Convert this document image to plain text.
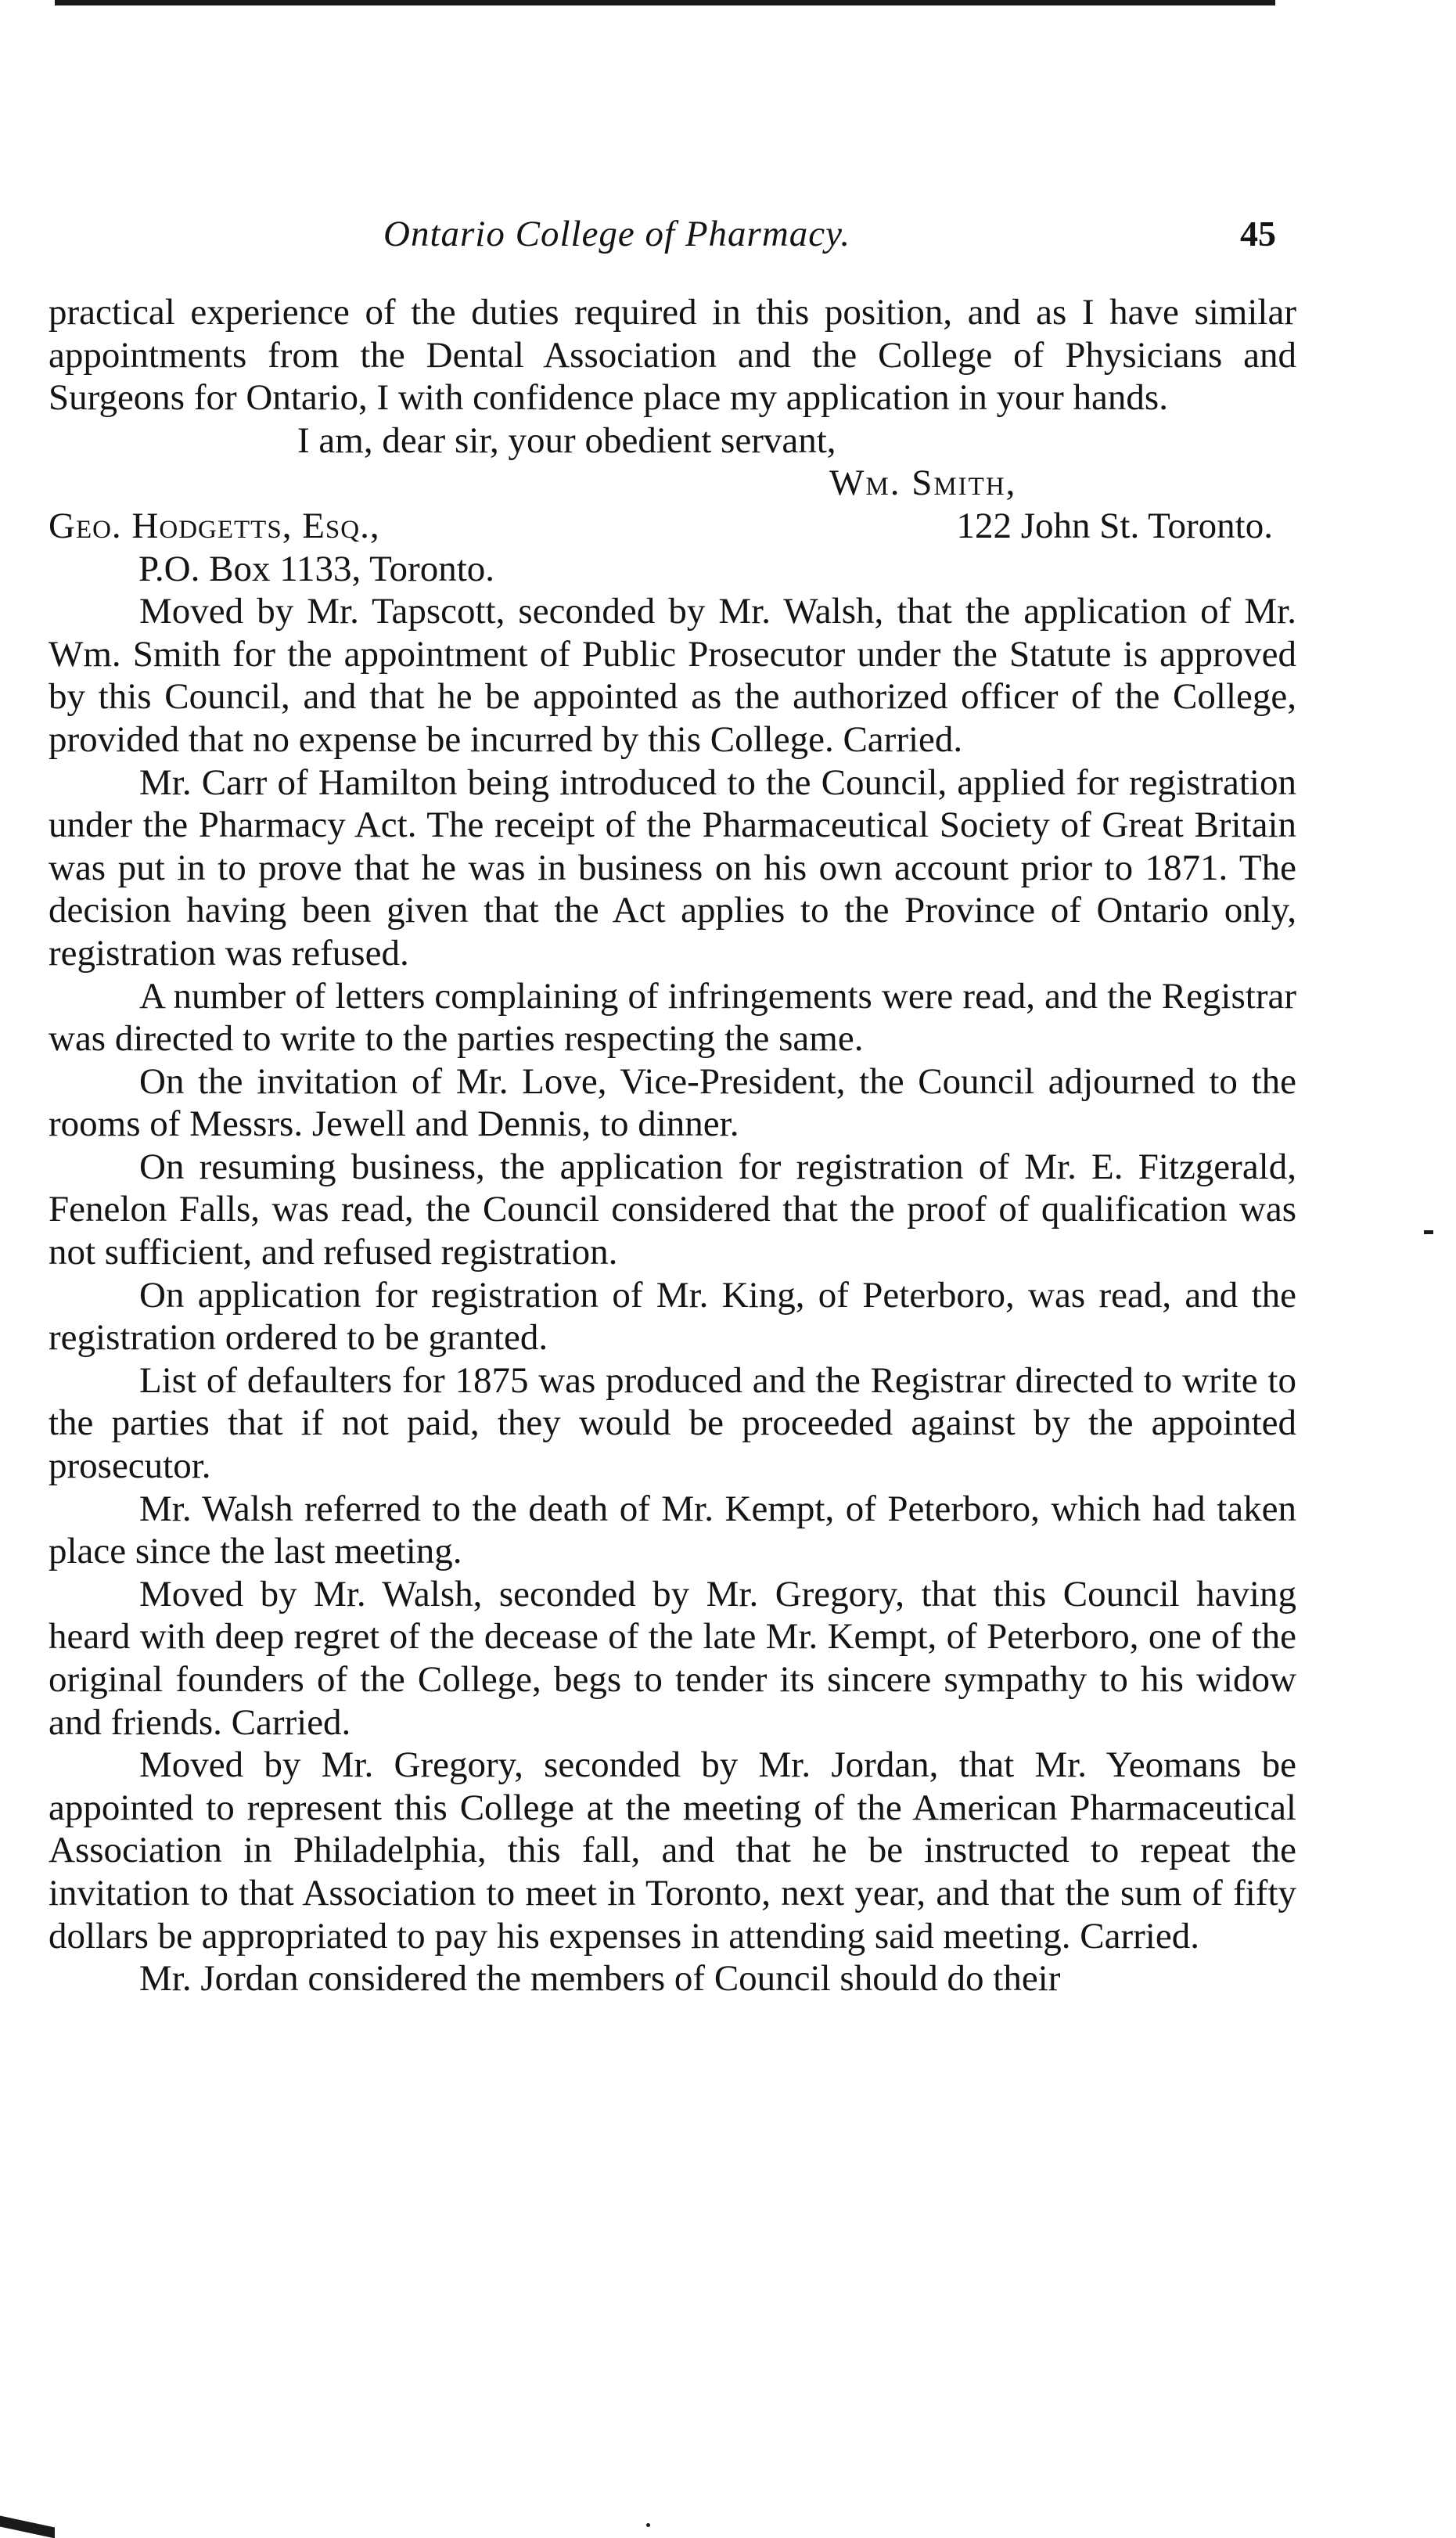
Ontario College of Pharmacy.	45

practical experience of the duties required in this position, and as I have similar appointments from the Dental Association and the College of Physicians and Surgeons for Ontario, I with confidence place my application in your hands.

I am, dear sir, your obedient servant,

Wm. Smith,

Geo. Hodgetts, Esq.,	122 John St. Toronto.

P.O. Box 1133, Toronto.

Moved by Mr. Tapscott, seconded by Mr. Walsh, that the application of Mr. Wm. Smith for the appointment of Public Prosecutor under the Statute is approved by this Council, and that he be appointed as the authorized officer of the College, provided that no expense be incurred by this College. Carried.

Mr. Carr of Hamilton being introduced to the Council, applied for registration under the Pharmacy Act. The receipt of the Pharmaceutical Society of Great Britain was put in to prove that he was in business on his own account prior to 1871. The decision having been given that the Act applies to the Province of Ontario only, registration was refused.

A number of letters complaining of infringements were read, and the Registrar was directed to write to the parties respecting the same.

On the invitation of Mr. Love, Vice-President, the Council adjourned to the rooms of Messrs. Jewell and Dennis, to dinner.

On resuming business, the application for registration of Mr. E. Fitzgerald, Fenelon Falls, was read, the Council considered that the proof of qualification was not sufficient, and refused registration.

On application for registration of Mr. King, of Peterboro, was read, and the registration ordered to be granted.

List of defaulters for 1875 was produced and the Registrar directed to write to the parties that if not paid, they would be proceeded against by the appointed prosecutor.

Mr. Walsh referred to the death of Mr. Kempt, of Peterboro, which had taken place since the last meeting.

Moved by Mr. Walsh, seconded by Mr. Gregory, that this Council having heard with deep regret of the decease of the late Mr. Kempt, of Peterboro, one of the original founders of the College, begs to tender its sincere sympathy to his widow and friends. Carried.

Moved by Mr. Gregory, seconded by Mr. Jordan, that Mr. Yeomans be appointed to represent this College at the meeting of the American Pharmaceutical Association in Philadelphia, this fall, and that he be instructed to repeat the invitation to that Association to meet in Toronto, next year, and that the sum of fifty dollars be appropriated to pay his expenses in attending said meeting. Carried.

Mr. Jordan considered the members of Council should do their
